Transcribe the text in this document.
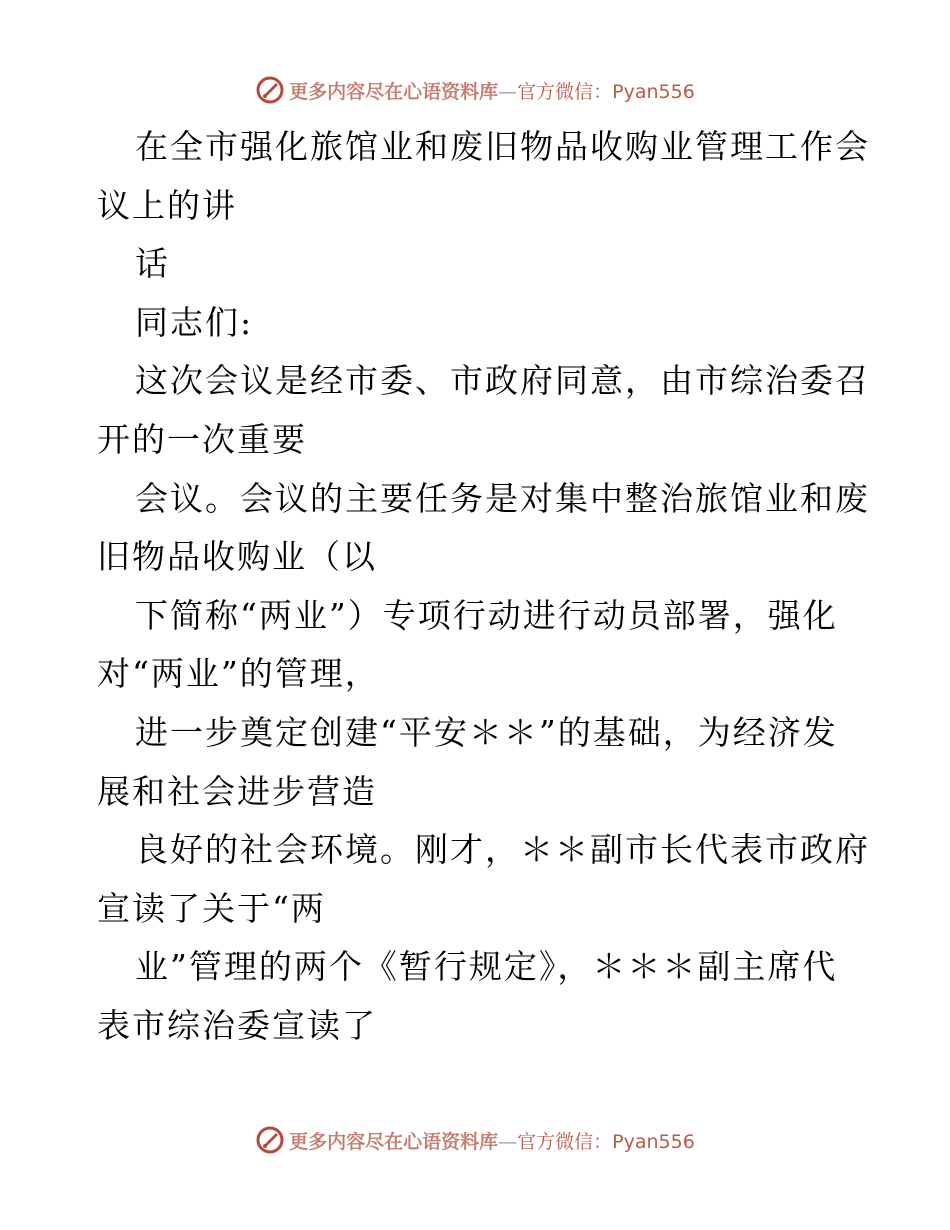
更多内容尽在心语资料库—官方微信：Pyan556
在全市强化旅馆业和废旧物品收购业管理工作会
议上的讲
话
同志们:
这次会议是经市委、市政府同意，由市综治委召
开的一次重要
会议。会议的主要任务是对集中整治旅馆业和废
旧物品收购业（以
下简称“两业”）专项行动进行动员部署，强化
对“两业”的管理，
进一步奠定创建“平安＊＊”的基础，为经济发
展和社会进步营造
良好的社会环境。刚才，＊＊副市长代表市政府
宣读了关于“两
业”管理的两个《暂行规定》，＊＊＊副主席代
表市综治委宣读了
更多内容尽在心语资料库—官方微信：Pyan556
